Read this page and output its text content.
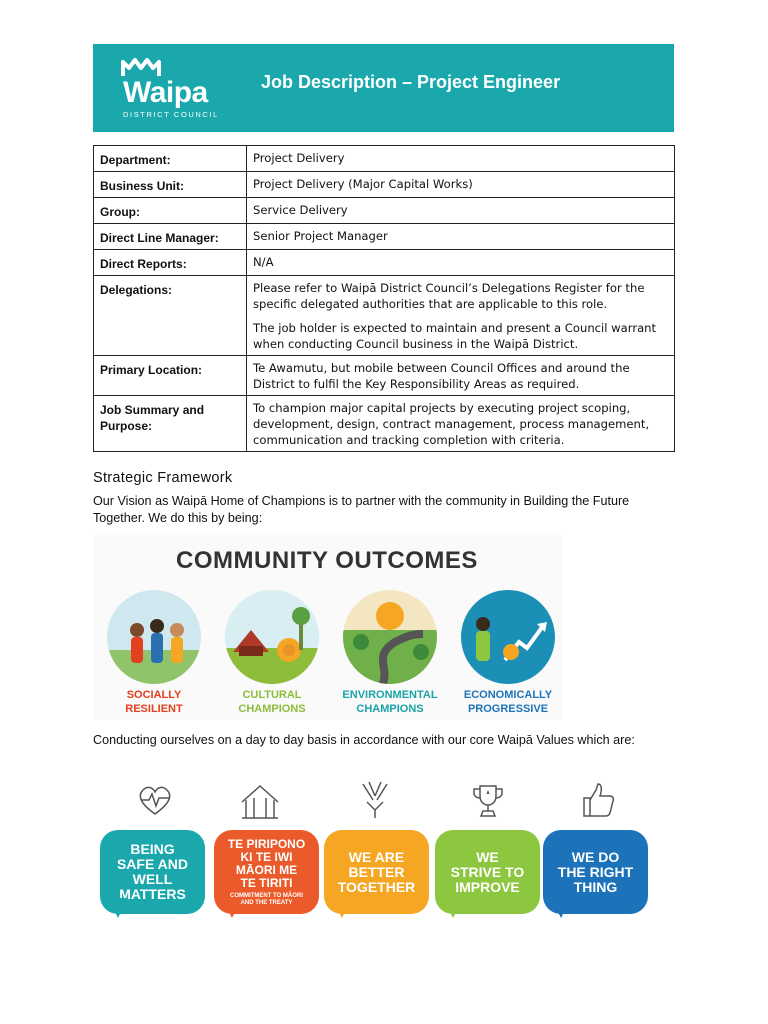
Waipa
DISTRICT COUNCIL
Job Description – Project Engineer
Department:	Project Delivery

Business Unit:	Project Delivery (Major Capital Works)

Group:	Service Delivery

Direct Line Manager:	Senior Project Manager

Direct Reports:	N/A

Delegations:	Please refer to Waipā District Council’s Delegations Register for the specific delegated authorities that are applicable to this role.

The job holder is expected to maintain and present a Council warrant when conducting Council business in the Waipā District.

Primary Location:	Te Awamutu, but mobile between Council Offices and around the District to fulfil the Key Responsibility Areas as required.

Job Summary and Purpose:	To champion major capital projects by executing project scoping, development, design, contract management, process management, communication and tracking completion with criteria.

Strategic Framework
Our Vision as Waipā Home of Champions is to partner with the community in Building the Future Together. We do this by being:
COMMUNITY OUTCOMES
SOCIALLY
RESILIENT
CULTURAL
CHAMPIONS
ENVIRONMENTAL
CHAMPIONS
ECONOMICALLY
PROGRESSIVE
Conducting ourselves on a day to day basis in accordance with our core Waipā Values which are:
BEING
SAFE AND
WELL
MATTERS
TE PIRIPONO
KI TE IWI
MĀORI ME
TE TIRITI
COMMITMENT TO MĀORI AND THE TREATY
WE ARE
BETTER
TOGETHER
WE
STRIVE TO
IMPROVE
WE DO
THE RIGHT
THING
